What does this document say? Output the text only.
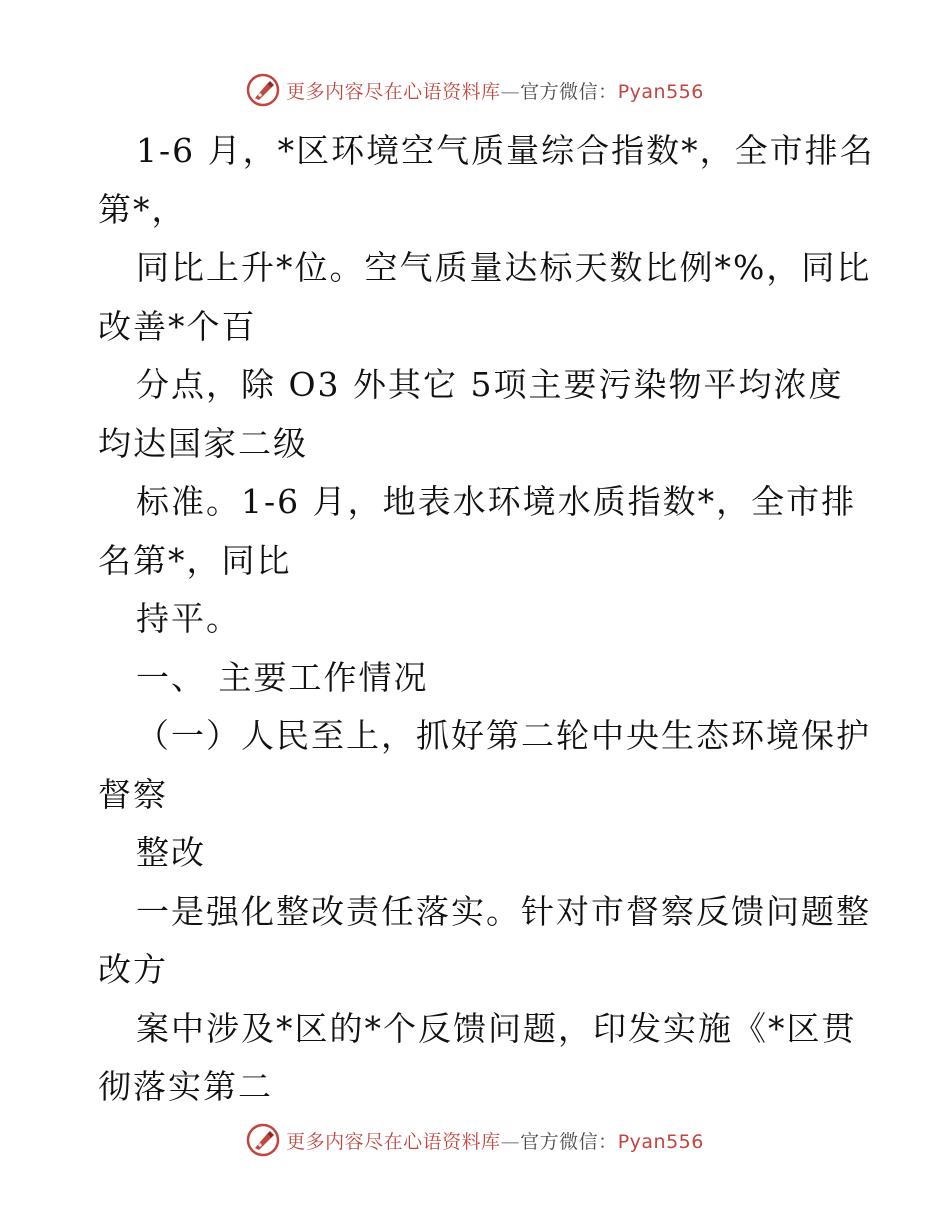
更多内容尽在心语资料库—官方微信：Pyan556
1-6 月，*区环境空气质量综合指数*，全市排名
第*，
同比上升*位。空气质量达标天数比例*%，同比
改善*个百
分点，除 O3 外其它 5项主要污染物平均浓度
均达国家二级
标准。1-6 月，地表水环境水质指数*，全市排
名第*，同比
持平。
一、 主要工作情况
（一）人民至上，抓好第二轮中央生态环境保护
督察
整改
一是强化整改责任落实。针对市督察反馈问题整
改方
案中涉及*区的*个反馈问题，印发实施《*区贯
彻落实第二
更多内容尽在心语资料库—官方微信：Pyan556
